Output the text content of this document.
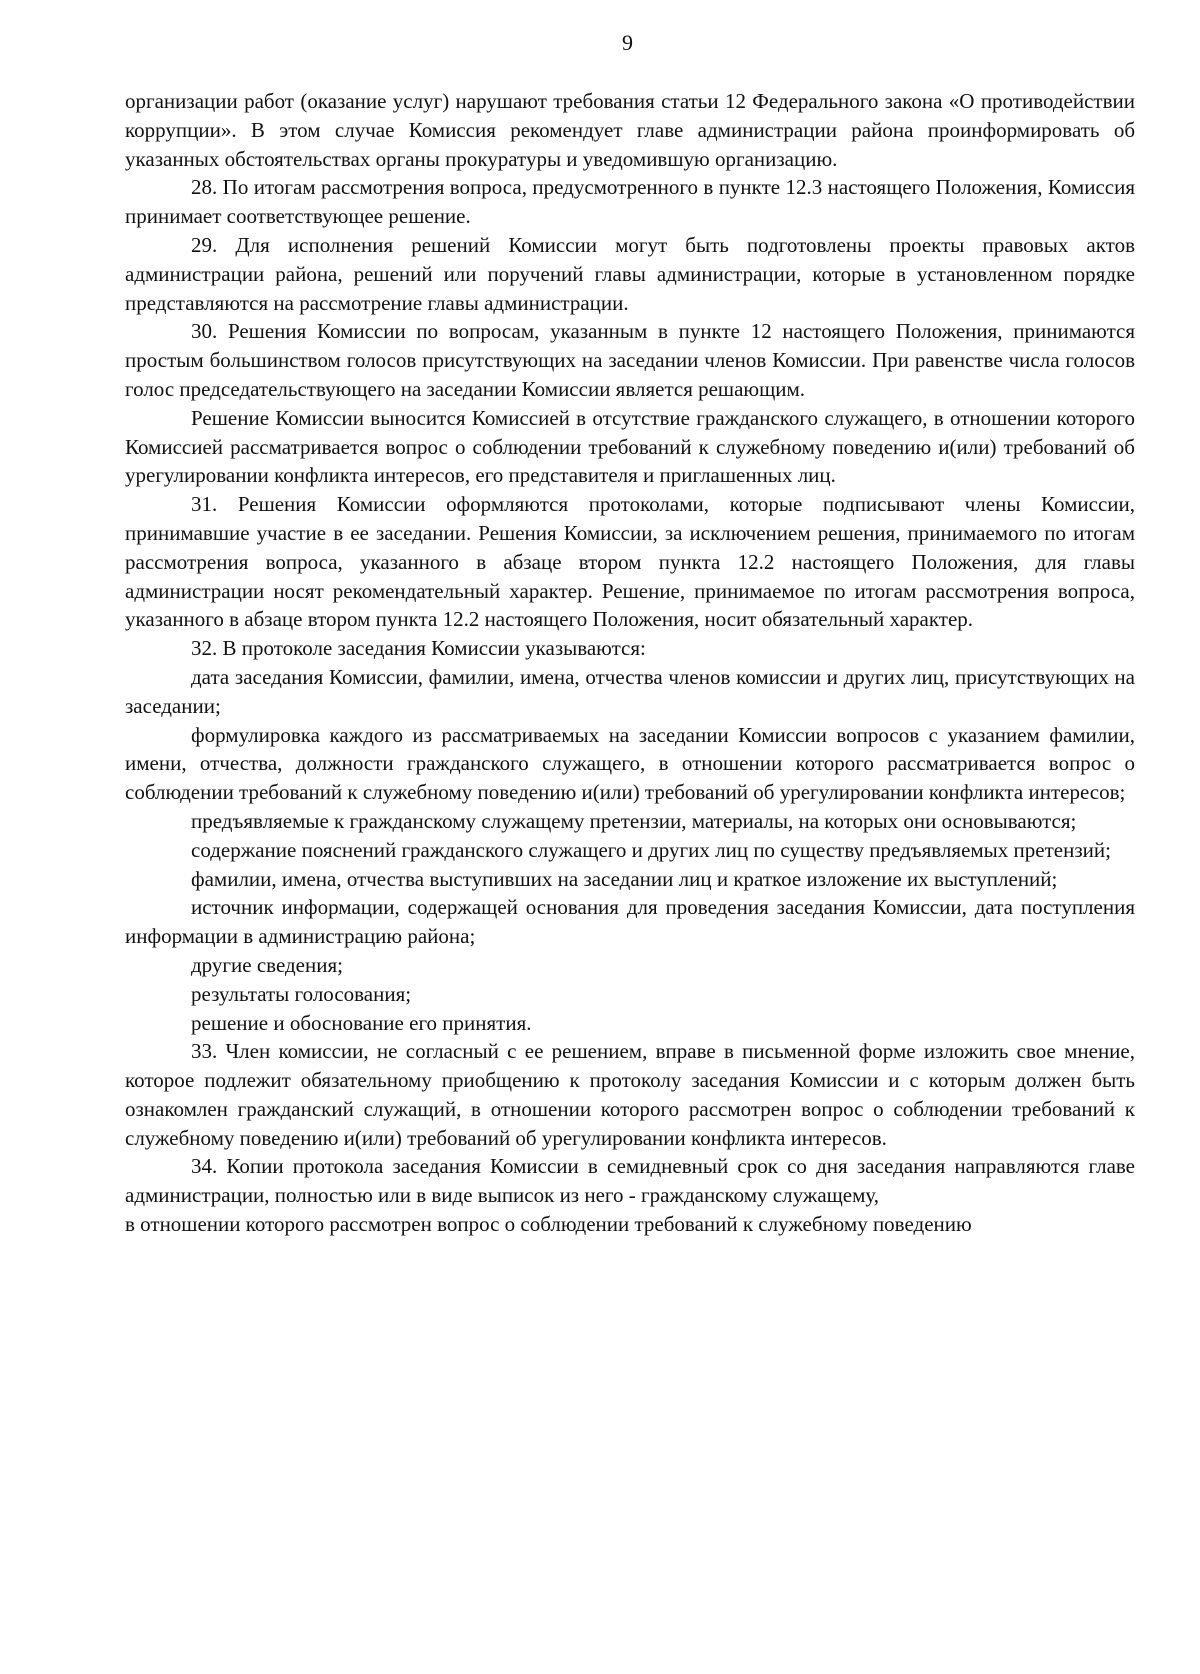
9

организации работ (оказание услуг) нарушают требования статьи 12 Федерального закона «О противодействии коррупции». В этом случае Комиссия рекомендует главе администрации района проинформировать об указанных обстоятельствах органы прокуратуры и уведомившую организацию.

28. По итогам рассмотрения вопроса, предусмотренного в пункте 12.3 настоящего Положения, Комиссия принимает соответствующее решение.

29. Для исполнения решений Комиссии могут быть подготовлены проекты правовых актов администрации района, решений или поручений главы администрации, которые в установленном порядке представляются на рассмотрение главы администрации.

30. Решения Комиссии по вопросам, указанным в пункте 12 настоящего Положения, принимаются простым большинством голосов присутствующих на заседании членов Комиссии. При равенстве числа голосов голос председательствующего на заседании Комиссии является решающим.

Решение Комиссии выносится Комиссией в отсутствие гражданского служащего, в отношении которого Комиссией рассматривается вопрос о соблюдении требований к служебному поведению и(или) требований об урегулировании конфликта интересов, его представителя и приглашенных лиц.

31. Решения Комиссии оформляются протоколами, которые подписывают члены Комиссии, принимавшие участие в ее заседании. Решения Комиссии, за исключением решения, принимаемого по итогам рассмотрения вопроса, указанного в абзаце втором пункта 12.2 настоящего Положения, для главы администрации носят рекомендательный характер. Решение, принимаемое по итогам рассмотрения вопроса, указанного в абзаце втором пункта 12.2 настоящего Положения, носит обязательный характер.

32. В протоколе заседания Комиссии указываются:

дата заседания Комиссии, фамилии, имена, отчества членов комиссии и других лиц, присутствующих на заседании;

формулировка каждого из рассматриваемых на заседании Комиссии вопросов с указанием фамилии, имени, отчества, должности гражданского служащего, в отношении которого рассматривается вопрос о соблюдении требований к служебному поведению и(или) требований об урегулировании конфликта интересов;

предъявляемые к гражданскому служащему претензии, материалы, на которых они основываются;

содержание пояснений гражданского служащего и других лиц по существу предъявляемых претензий;

фамилии, имена, отчества выступивших на заседании лиц и краткое изложение их выступлений;

источник информации, содержащей основания для проведения заседания Комиссии, дата поступления информации в администрацию района;

другие сведения;

результаты голосования;

решение и обоснование его принятия.

33. Член комиссии, не согласный с ее решением, вправе в письменной форме изложить свое мнение, которое подлежит обязательному приобщению к протоколу заседания Комиссии и с которым должен быть ознакомлен гражданский служащий, в отношении которого рассмотрен вопрос о соблюдении требований к служебному поведению и(или) требований об урегулировании конфликта интересов.

34. Копии протокола заседания Комиссии в семидневный срок со дня заседания направляются главе администрации, полностью или в виде выписок из него - гражданскому служащему,

в отношении которого рассмотрен вопрос о соблюдении требований к служебному поведению
